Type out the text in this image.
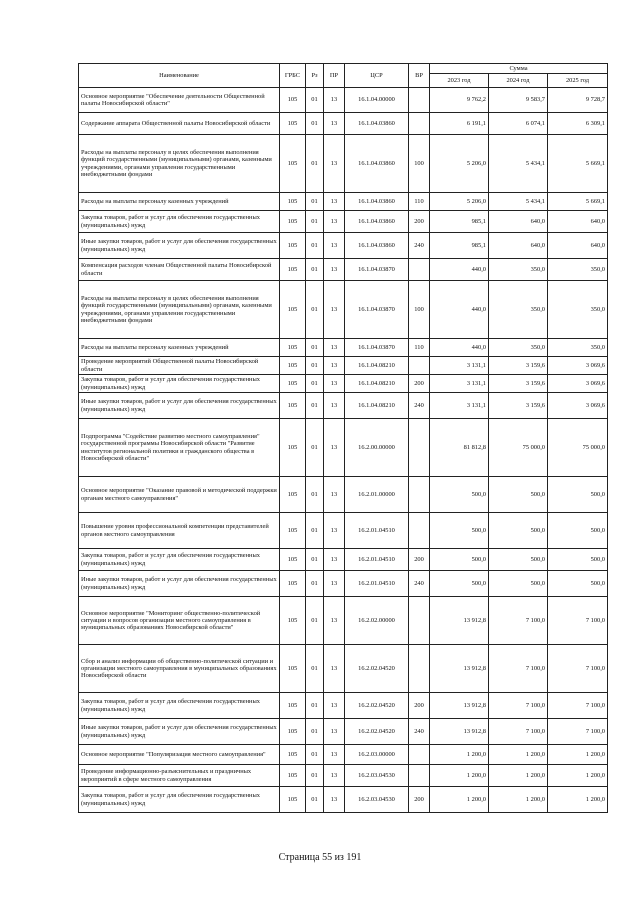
Наименование	ГРБС	Рз	ПР	ЦСР	ВР	Сумма		
						2023 год	2024 год	2025 год
Основное мероприятие "Обеспечение деятельности Общественной палаты Новосибирской области"	105	01	13	16.1.04.00000		9 762,2	9 583,7	9 728,7
Содержание аппарата Общественной палаты Новосибирской области	105	01	13	16.1.04.03860		6 191,1	6 074,1	6 309,1
Расходы на выплаты персоналу в целях обеспечения выполнения функций государственными (муниципальными) органами, казенными учреждениями, органами управления государственными внебюджетными фондами	105	01	13	16.1.04.03860	100	5 206,0	5 434,1	5 669,1
Расходы на выплаты персоналу казенных учреждений	105	01	13	16.1.04.03860	110	5 206,0	5 434,1	5 669,1
Закупка товаров, работ и услуг для обеспечения государственных (муниципальных) нужд	105	01	13	16.1.04.03860	200	985,1	640,0	640,0
Иные закупки товаров, работ и услуг для обеспечения государственных (муниципальных) нужд	105	01	13	16.1.04.03860	240	985,1	640,0	640,0
Компенсация расходов членам Общественной палаты Новосибирской области	105	01	13	16.1.04.03870		440,0	350,0	350,0
Расходы на выплаты персоналу в целях обеспечения выполнения функций государственными (муниципальными) органами, казенными учреждениями, органами управления государственными внебюджетными фондами	105	01	13	16.1.04.03870	100	440,0	350,0	350,0
Расходы на выплаты персоналу казенных учреждений	105	01	13	16.1.04.03870	110	440,0	350,0	350,0
Проведение мероприятий Общественной палаты Новосибирской области	105	01	13	16.1.04.08210		3 131,1	3 159,6	3 069,6
Закупка товаров, работ и услуг для обеспечения государственных (муниципальных) нужд	105	01	13	16.1.04.08210	200	3 131,1	3 159,6	3 069,6
Иные закупки товаров, работ и услуг для обеспечения государственных (муниципальных) нужд	105	01	13	16.1.04.08210	240	3 131,1	3 159,6	3 069,6
Подпрограмма "Содействие развитию местного самоуправления" государственной программы Новосибирской области "Развитие институтов региональной политики и гражданского общества в Новосибирской области"	105	01	13	16.2.00.00000		81 812,8	75 000,0	75 000,0
Основное мероприятие "Оказание правовой и методической поддержки органам местного самоуправления"	105	01	13	16.2.01.00000		500,0	500,0	500,0
Повышение уровня профессиональной компетенции представителей органов местного самоуправления	105	01	13	16.2.01.04510		500,0	500,0	500,0
Закупка товаров, работ и услуг для обеспечения государственных (муниципальных) нужд	105	01	13	16.2.01.04510	200	500,0	500,0	500,0
Иные закупки товаров, работ и услуг для обеспечения государственных (муниципальных) нужд	105	01	13	16.2.01.04510	240	500,0	500,0	500,0
Основное мероприятие "Мониторинг общественно-политической ситуации и вопросов организации местного самоуправления в муниципальных образованиях Новосибирской области"	105	01	13	16.2.02.00000		13 912,8	7 100,0	7 100,0
Сбор и анализ информации об общественно-политической ситуации и организации местного самоуправления в муниципальных образованиях Новосибирской области	105	01	13	16.2.02.04520		13 912,8	7 100,0	7 100,0
Закупка товаров, работ и услуг для обеспечения государственных (муниципальных) нужд	105	01	13	16.2.02.04520	200	13 912,8	7 100,0	7 100,0
Иные закупки товаров, работ и услуг для обеспечения государственных (муниципальных) нужд	105	01	13	16.2.02.04520	240	13 912,8	7 100,0	7 100,0
Основное мероприятие "Популяризация местного самоуправления"	105	01	13	16.2.03.00000		1 200,0	1 200,0	1 200,0
Проведение информационно-разъяснительных и праздничных мероприятий в сфере местного самоуправления	105	01	13	16.2.03.04530		1 200,0	1 200,0	1 200,0
Закупка товаров, работ и услуг для обеспечения государственных (муниципальных) нужд	105	01	13	16.2.03.04530	200	1 200,0	1 200,0	1 200,0
Страница 55 из 191
